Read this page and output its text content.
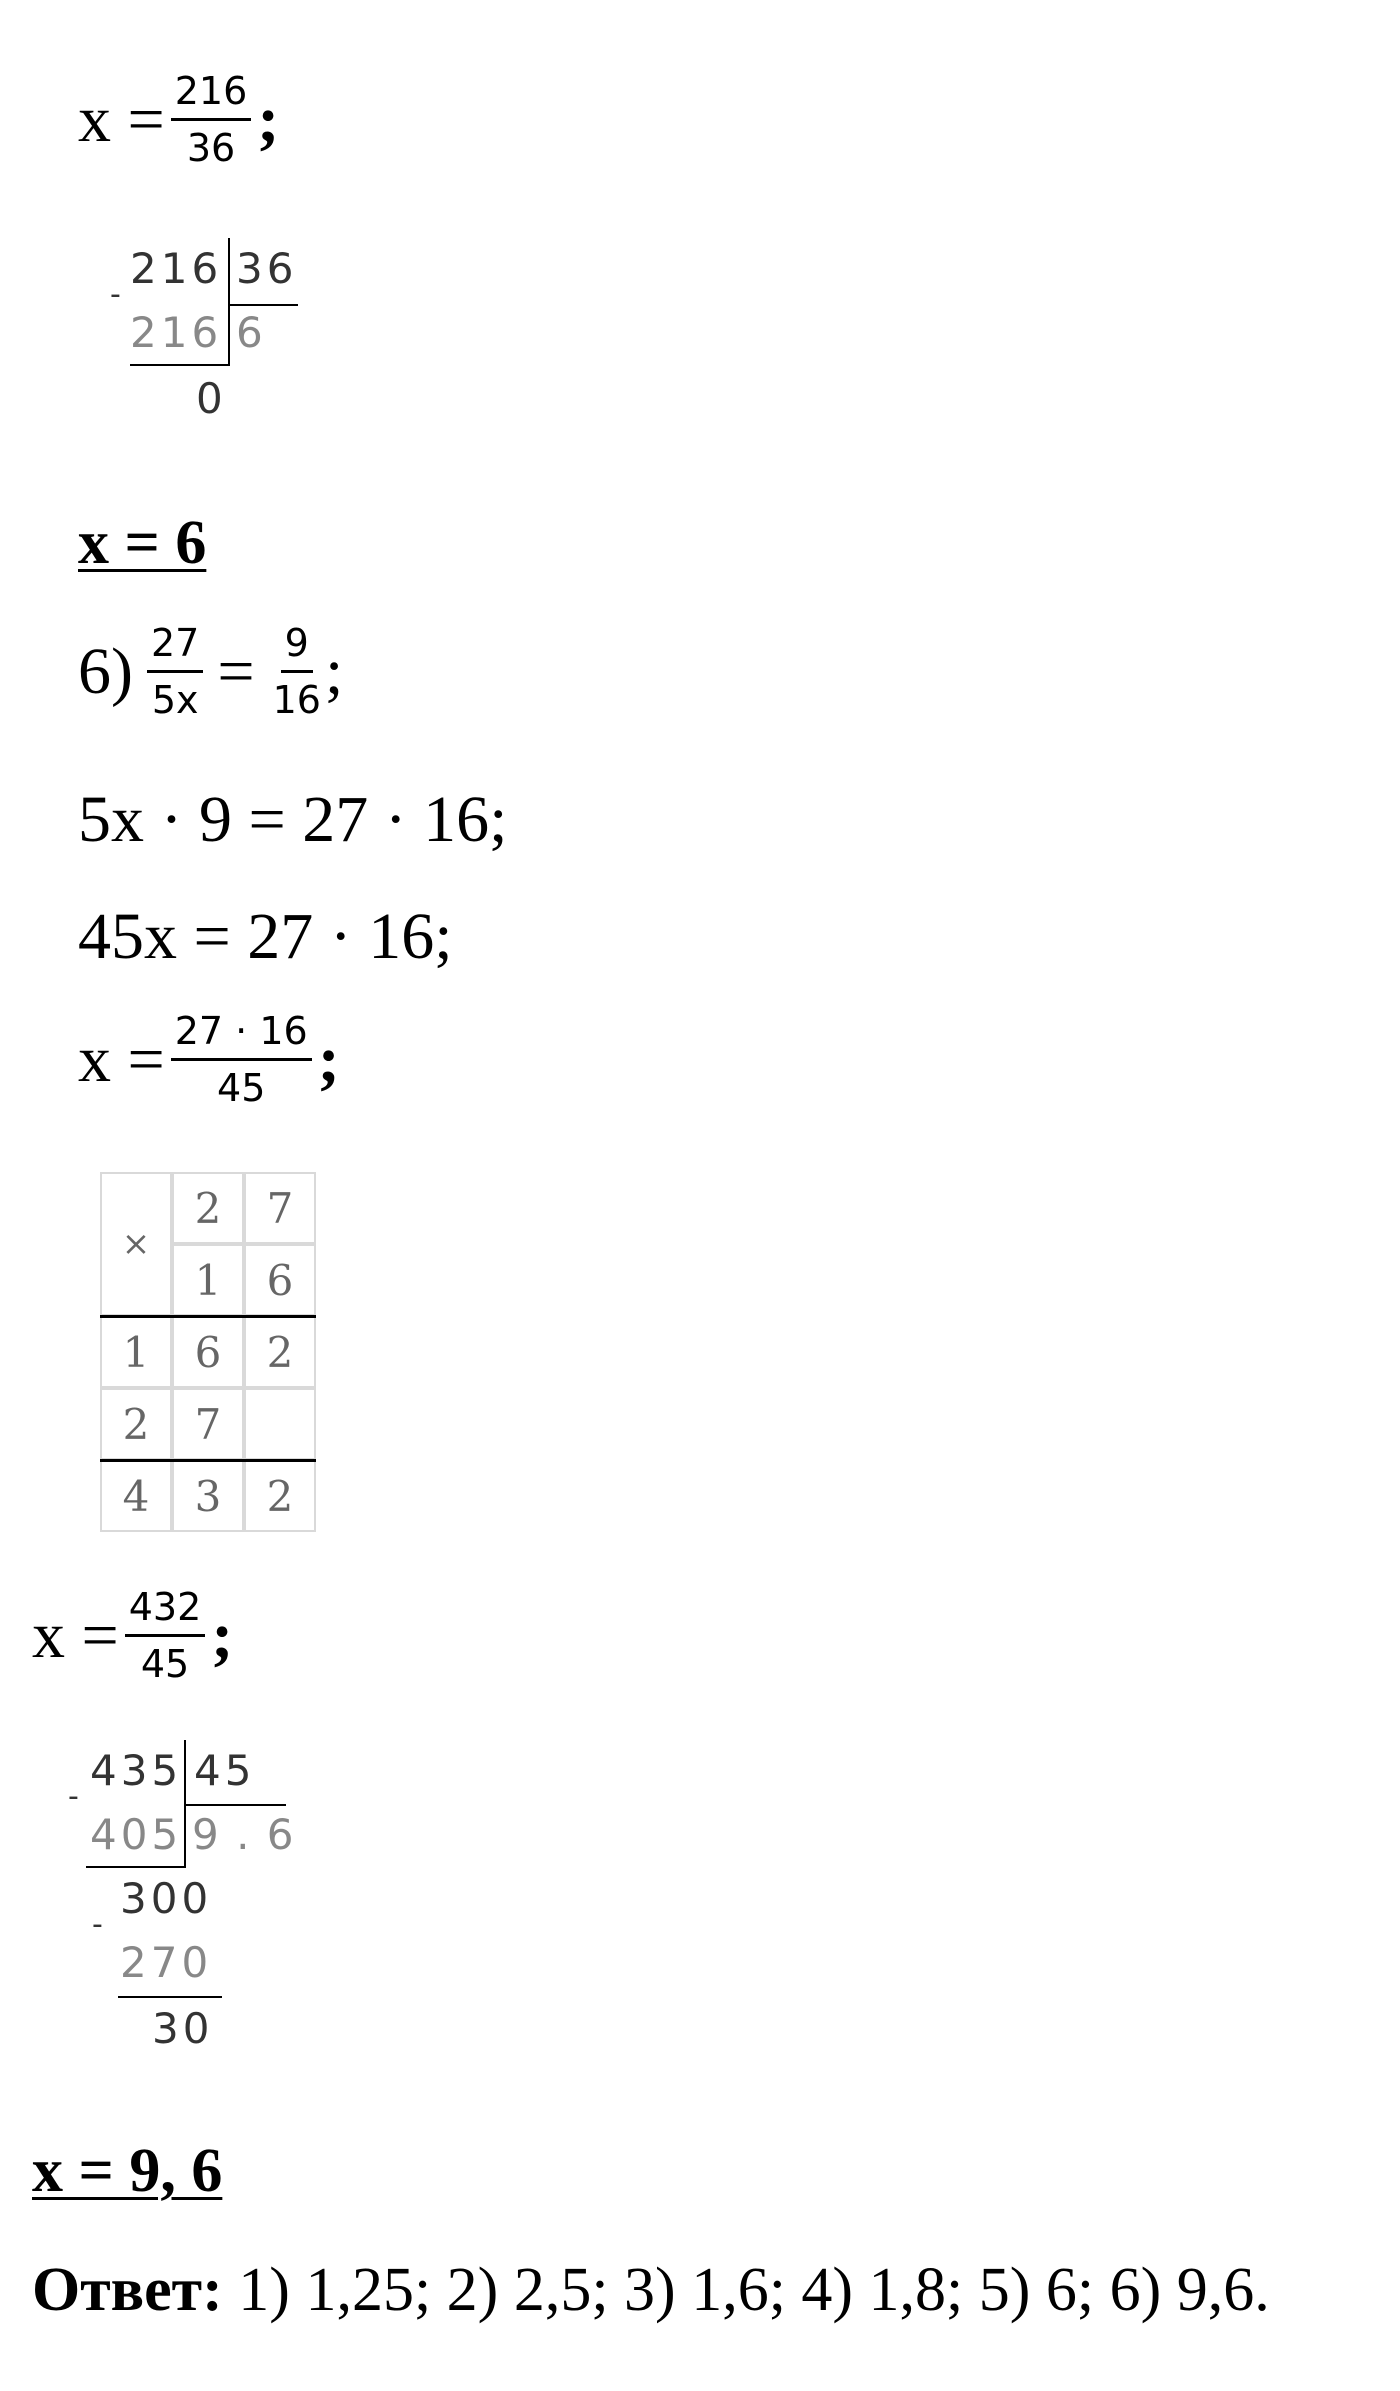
$x = \frac{216}{36}$ ;
216 36
-
216 6
0
x = 6
$6) \frac{27}{5x} = \frac{9}{16}$ ;
5x · 9 = 27 · 16;
45x = 27 · 16;
$x = \frac{27 \cdot 16}{45}$ ;
×
2	7
1	6
1	6	2
2	7
4	3	2
$x = \frac{432}{45}$ ;
435 45
-
405 9 . 6
300
-
270
30
x = 9, 6
Ответ: 1) 1,25; 2) 2,5; 3) 1,6; 4) 1,8; 5) 6; 6) 9,6.
